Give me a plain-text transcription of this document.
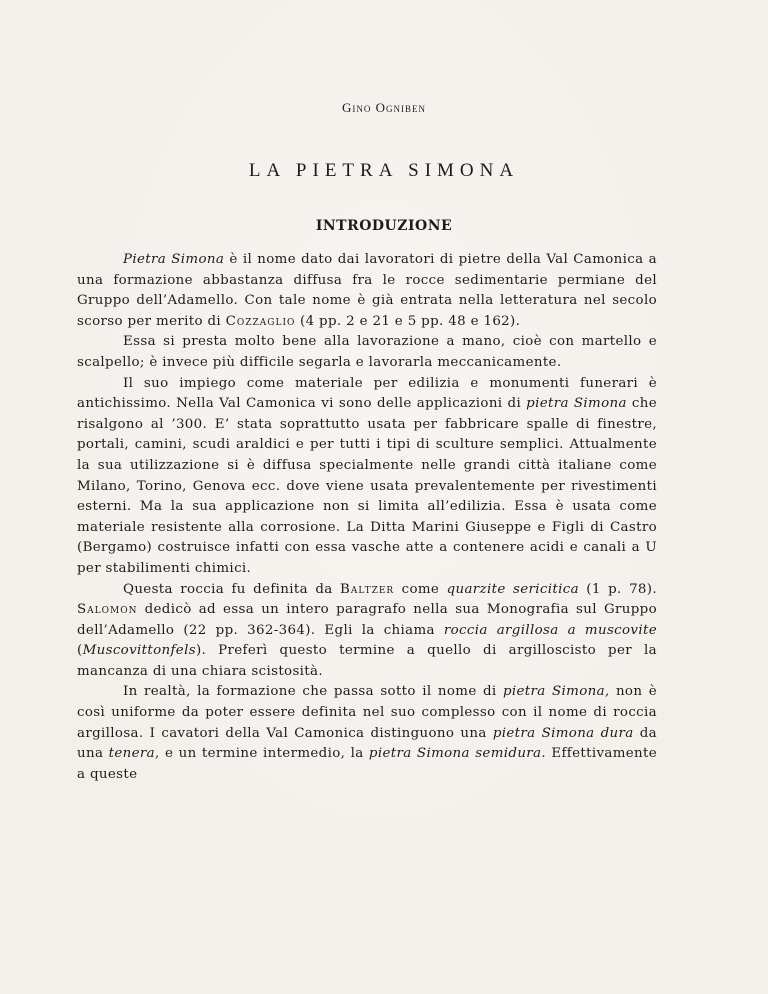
Gino Ogniben
LA PIETRA SIMONA
INTRODUZIONE

Pietra Simona è il nome dato dai lavoratori di pietre della Val Camonica a una formazione abbastanza diffusa fra le rocce sedimentarie permiane del Gruppo dell’Adamello. Con tale nome è già entrata nella letteratura nel secolo scorso per merito di Cozzaglio (4 pp. 2 e 21 e 5 pp. 48 e 162).

Essa si presta molto bene alla lavorazione a mano, cioè con martello e scalpello; è invece più difficile segarla e lavorarla meccanicamente.

Il suo impiego come materiale per edilizia e monumenti funerari è antichissimo. Nella Val Camonica vi sono delle applicazioni di pietra Simona che risalgono al ’300. E’ stata soprattutto usata per fabbricare spalle di finestre, portali, camini, scudi araldici e per tutti i tipi di sculture semplici. Attualmente la sua utilizzazione si è diffusa specialmente nelle grandi città italiane come Milano, Torino, Genova ecc. dove viene usata prevalentemente per rivestimenti esterni. Ma la sua applicazione non si limita all’edilizia. Essa è usata come materiale resistente alla corrosione. La Ditta Marini Giuseppe e Figli di Castro (Bergamo) costruisce infatti con essa vasche atte a contenere acidi e canali a U per stabilimenti chimici.

Questa roccia fu definita da Baltzer come quarzite sericitica (1 p. 78). Salomon dedicò ad essa un intero paragrafo nella sua Monografia sul Gruppo dell’Adamello (22 pp. 362-364). Egli la chiama roccia argillosa a muscovite (Muscovittonfels). Preferì questo termine a quello di argilloscisto per la mancanza di una chiara scistosità.

In realtà, la formazione che passa sotto il nome di pietra Simona, non è così uniforme da poter essere definita nel suo complesso con il nome di roccia argillosa. I cavatori della Val Camonica distinguono una pietra Simona dura da una tenera, e un termine intermedio, la pietra Simona semidura. Effettivamente a queste
